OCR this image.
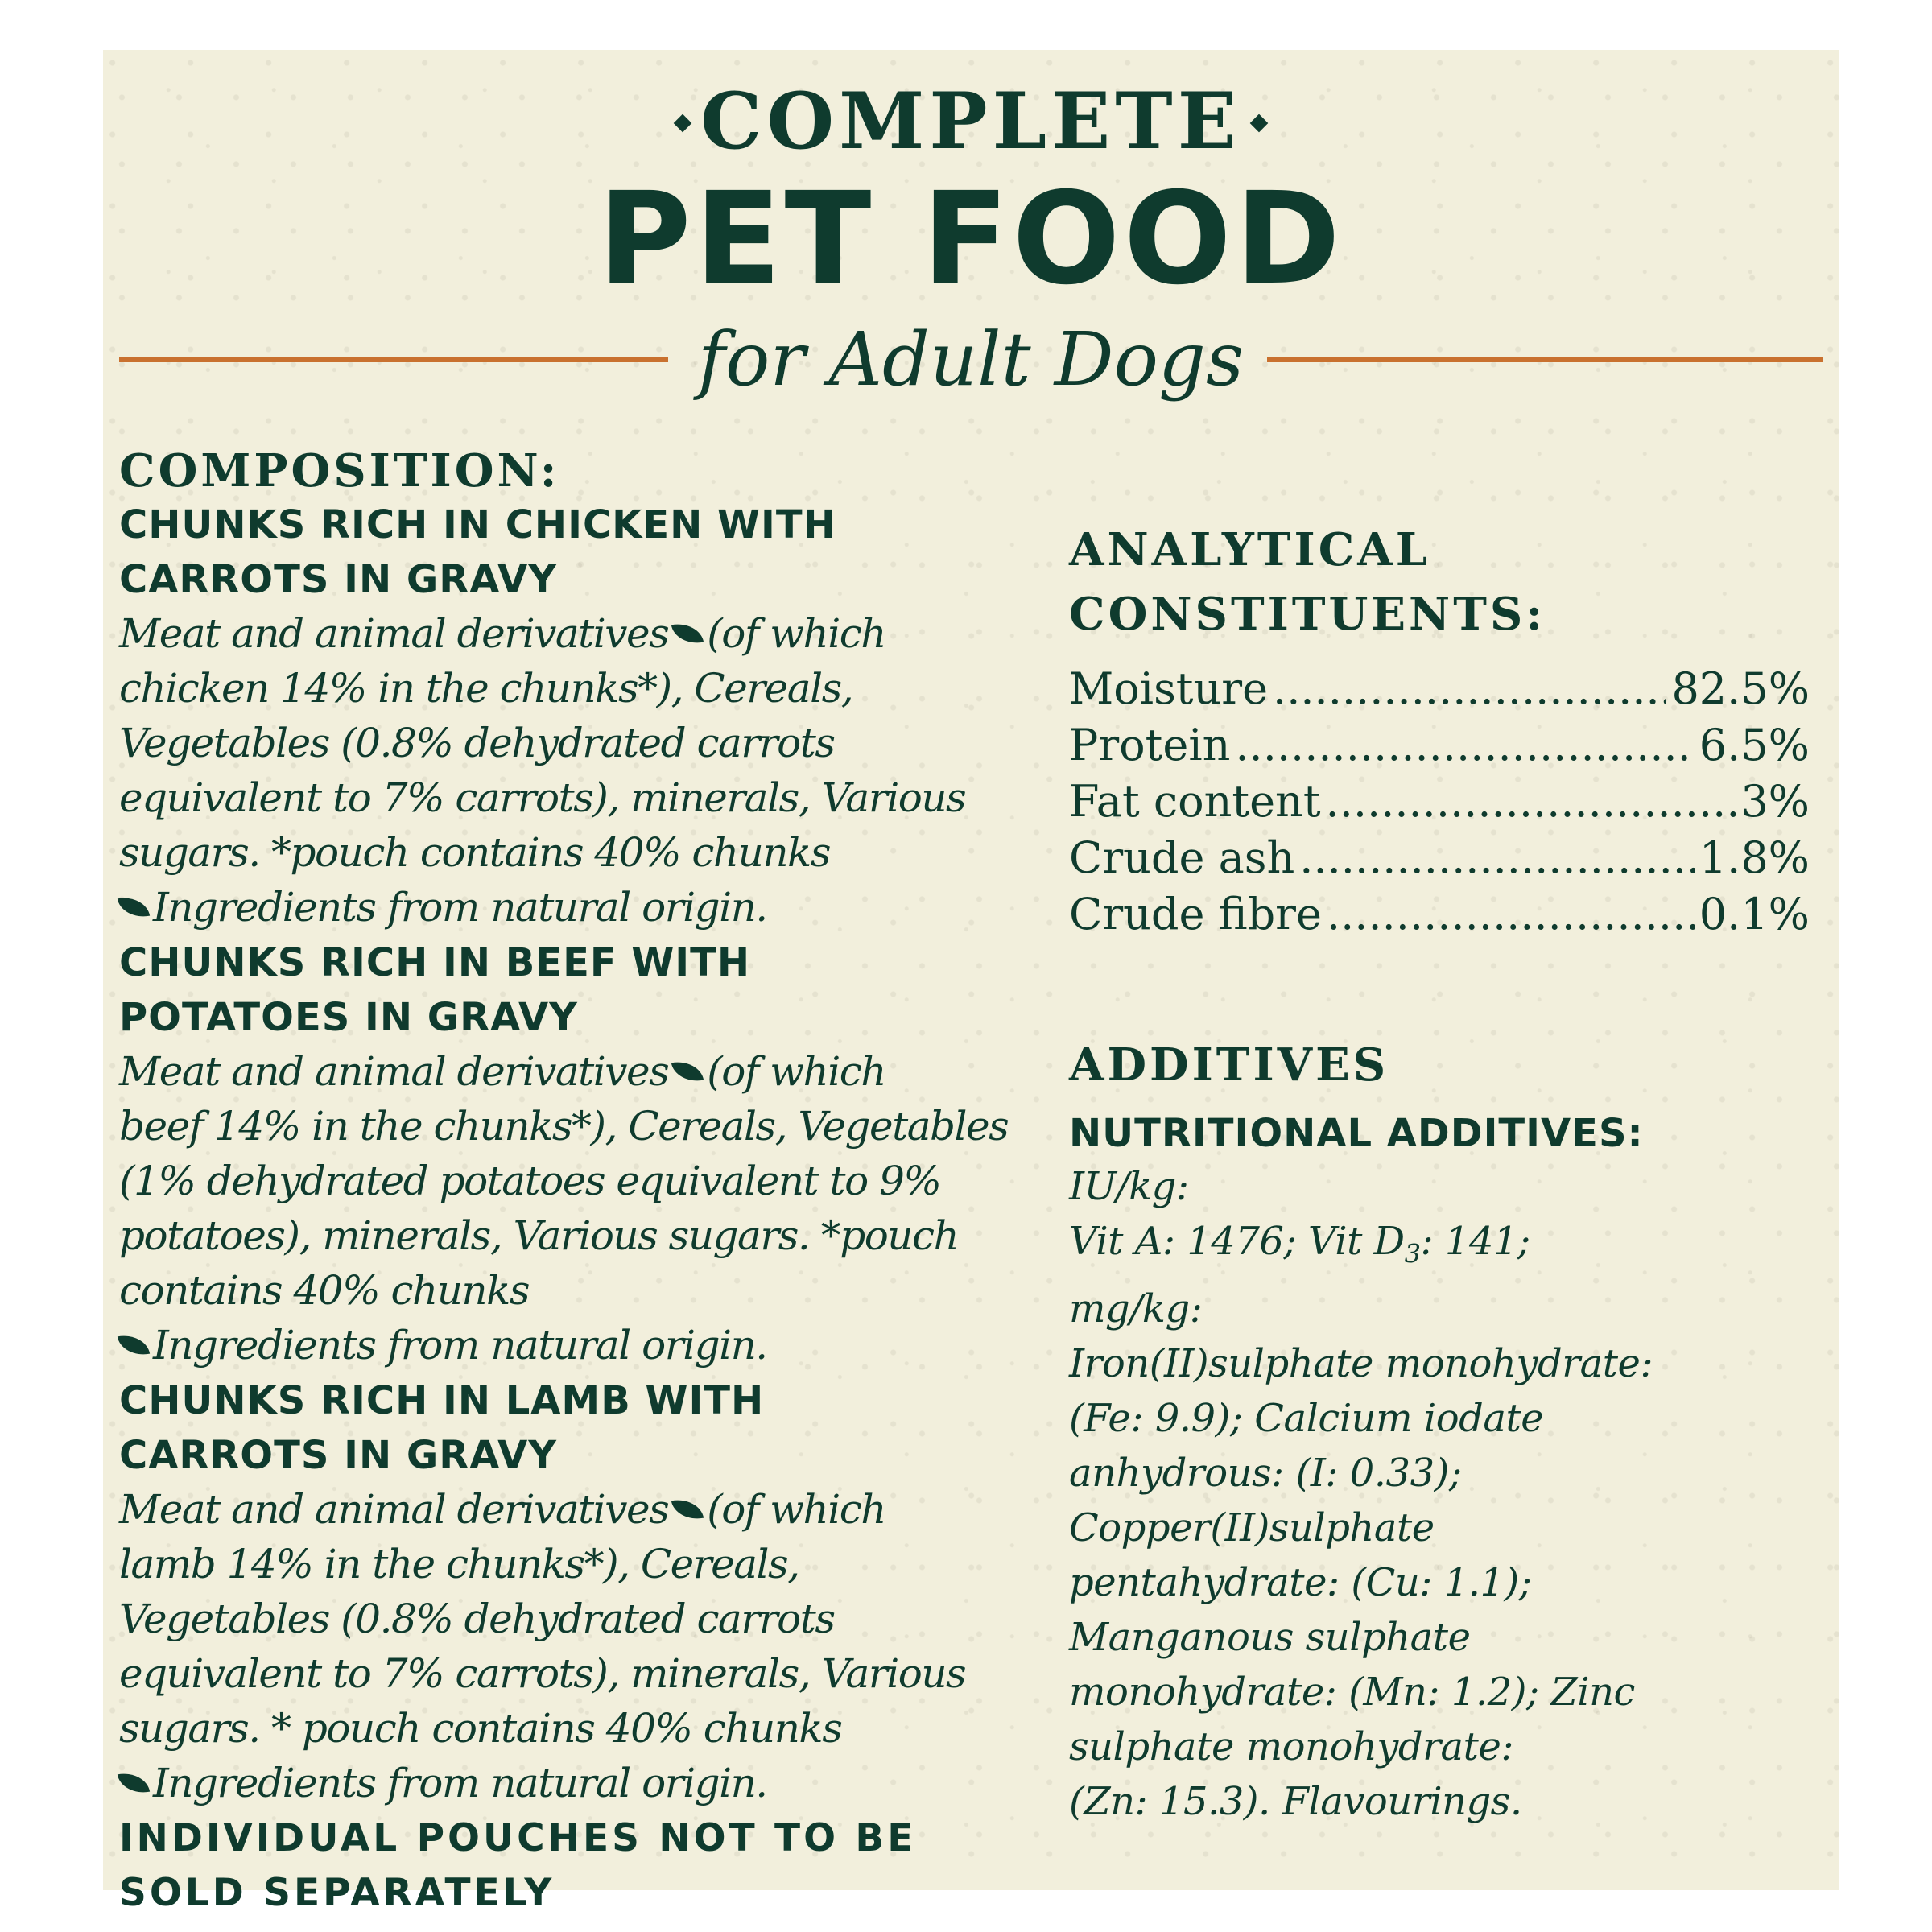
COMPLETE
PET FOOD
for Adult Dogs
COMPOSITION:
CHUNKS RICH IN CHICKEN WITH
CARROTS IN GRAVY
Meat and animal derivatives (of which
chicken 14% in the chunks*), Cereals,
Vegetables (0.8% dehydrated carrots
equivalent to 7% carrots), minerals, Various
sugars. *pouch contains 40% chunks
Ingredients from natural origin.
CHUNKS RICH IN BEEF WITH
POTATOES IN GRAVY
Meat and animal derivatives (of which
beef 14% in the chunks*), Cereals, Vegetables
(1% dehydrated potatoes equivalent to 9%
potatoes), minerals, Various sugars. *pouch
contains 40% chunks
Ingredients from natural origin.
CHUNKS RICH IN LAMB WITH
CARROTS IN GRAVY
Meat and animal derivatives (of which
lamb 14% in the chunks*), Cereals,
Vegetables (0.8% dehydrated carrots
equivalent to 7% carrots), minerals, Various
sugars. * pouch contains 40% chunks
Ingredients from natural origin.
INDIVIDUAL POUCHES NOT TO BE
SOLD SEPARATELY
ANALYTICAL
CONSTITUENTS:
Moisture .....	82.5%
Protein .....	6.5%
Fat content .....	3%
Crude ash .....	1.8%
Crude fibre .....	0.1%
ADDITIVES
NUTRITIONAL ADDITIVES:
IU/kg:
Vit A: 1476; Vit $D_3$: 141;
mg/kg:
Iron(II)sulphate monohydrate:
(Fe: 9.9); Calcium iodate
anhydrous: (I: 0.33);
Copper(II)sulphate
pentahydrate: (Cu: 1.1);
Manganous sulphate
monohydrate: (Mn: 1.2); Zinc
sulphate monohydrate:
(Zn: 15.3). Flavourings.
